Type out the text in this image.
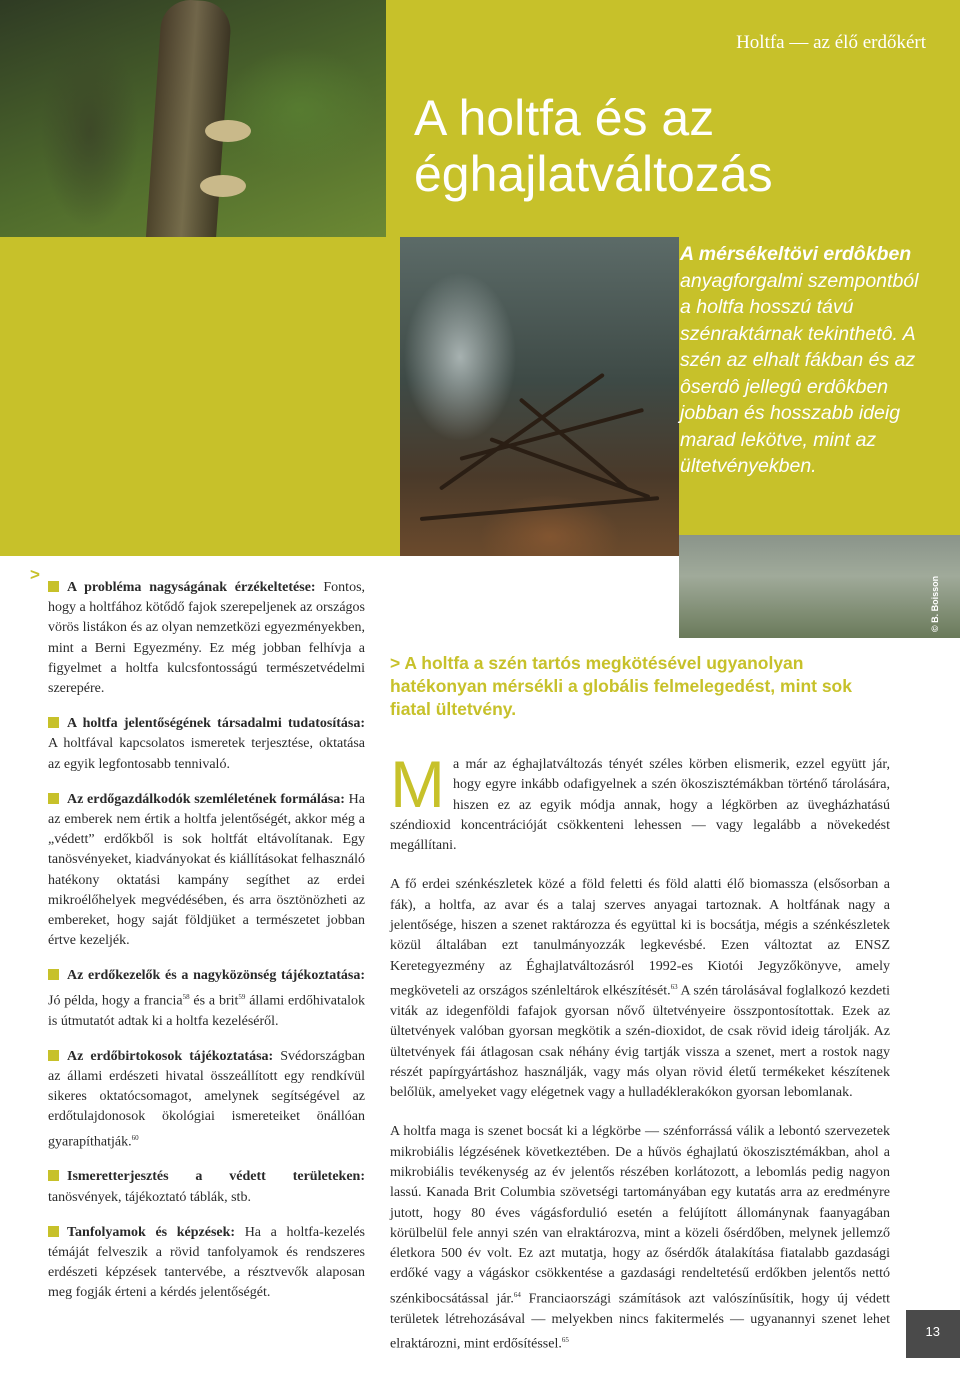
© B. Boisson
Holtfa — az élő erdőkért
A holtfa és az
éghajlatváltozás
A mérsékeltövi erdôkben anyagforgalmi szempontból a holtfa hosszú távú szénraktárnak tekinthetô. A szén az elhalt fákban és az ôserdô jellegû erdôkben jobban és hosszabb ideig marad lekötve, mint az ültetvényekben.
>

A probléma nagyságának érzékeltetése: Fontos, hogy a holtfához kötődő fajok szerepeljenek az országos vörös listákon és az olyan nemzetközi egyezményekben, mint a Berni Egyezmény. Ez még jobban felhívja a figyelmet a holtfa kulcsfontosságú természetvédelmi szerepére.

A holtfa jelentőségének társadalmi tudatosítása: A holtfával kapcsolatos ismeretek terjesztése, oktatása az egyik legfontosabb tennivaló.

Az erdőgazdálkodók szemléletének formálása: Ha az emberek nem értik a holtfa jelentőségét, akkor még a „védett” erdőkből is sok holtfát eltávolítanak. Egy tanösvényeket, kiadványokat és kiállításokat felhasználó hatékony oktatási kampány segíthet az erdei mikroélőhelyek megvédésében, és arra ösztönözheti az embereket, hogy saját földjüket a természetet jobban értve kezeljék.

Az erdőkezelők és a nagyközönség tájékoztatása: Jó példa, hogy a francia$^{58}$ és a brit$^{59}$ állami erdőhivatalok is útmutatót adtak ki a holtfa kezeléséről.

Az erdőbirtokosok tájékoztatása: Svédországban az állami erdészeti hivatal összeállított egy rendkívül sikeres oktatócsomagot, amelynek segítségével az erdőtulajdonosok ökológiai ismereteiket önállóan gyarapíthatják.$^{60}$

Ismeretterjesztés a védett területeken: tanösvények, tájékoztató táblák, stb.

Tanfolyamok és képzések: Ha a holtfa-kezelés témáját felveszik a rövid tanfolyamok és rendszeres erdészeti képzések tantervébe, a résztvevők alaposan meg fogják érteni a kérdés jelentőségét.

> A holtfa a szén tartós megkötésével ugyanolyan hatékonyan mérsékli a globális felmelegedést, mint sok fiatal ültetvény.

Ma már az éghajlatváltozás tényét széles körben elismerik, ezzel együtt jár, hogy egyre inkább odafigyelnek a szén ökoszisztémákban történő tárolására, hiszen ez az egyik módja annak, hogy a légkörben az üvegházhatású széndioxid koncentrációját csökkenteni lehessen — vagy legalább a növekedést megállítani.

A fő erdei szénkészletek közé a föld feletti és föld alatti élő biomassza (elsősorban a fák), a holtfa, az avar és a talaj szerves anyagai tartoznak. A holtfának nagy a jelentősége, hiszen a szenet raktározza és együttal ki is bocsátja, mégis a szénkészletek közül általában ezt tanulmányozzák legkevésbé. Ezen változtat az ENSZ Keretegyezmény az Éghajlatváltozásról 1992-es Kiotói Jegyzőkönyve, amely megköveteli az országos szénleltárok elkészítését.$^{63}$ A szén tárolásával foglalkozó kezdeti viták az idegenföldi fafajok gyorsan nővő ültetvényeire összpontosítottak. Ezek az ültetvények valóban gyorsan megkötik a szén-dioxidot, de csak rövid ideig tárolják. Az ültetvények fái átlagosan csak néhány évig tartják vissza a szenet, mert a rostok nagy részét papírgyártáshoz használják, vagy más olyan rövid életű termékeket készítenek belőlük, amelyeket vagy elégetnek vagy a hulladéklerakókon gyorsan lebomlanak.

A holtfa maga is szenet bocsát ki a légkörbe — szénforrássá válik a lebontó szervezetek mikrobiális légzésének következtében. De a hűvös éghajlatú ökoszisztémákban, ahol a mikrobiális tevékenység az év jelentős részében korlátozott, a lebomlás pedig nagyon lassú. Kanada Brit Columbia szövetségi tartományában egy kutatás arra az eredményre jutott, hogy 80 éves vágásfordulió esetén a felújított állománynak faanyagában körülbelül fele annyi szén van elraktározva, mint a közeli ősérdőben, melynek jellemző életkora 500 év volt. Ez azt mutatja, hogy az ősérdők átalakítása fiatalabb gazdasági erdőké vagy a vágáskor csökkentése a gazdasági rendeltetésű erdőkben jelentős nettó szénkibocsátással jár.$^{64}$ Franciaországi számítások azt valószínűsítik, hogy új védett területek létrehozásával — melyekben nincs fakitermelés — ugyanannyi szenet lehet elraktározni, mint erdősítéssel.$^{65}$

13
